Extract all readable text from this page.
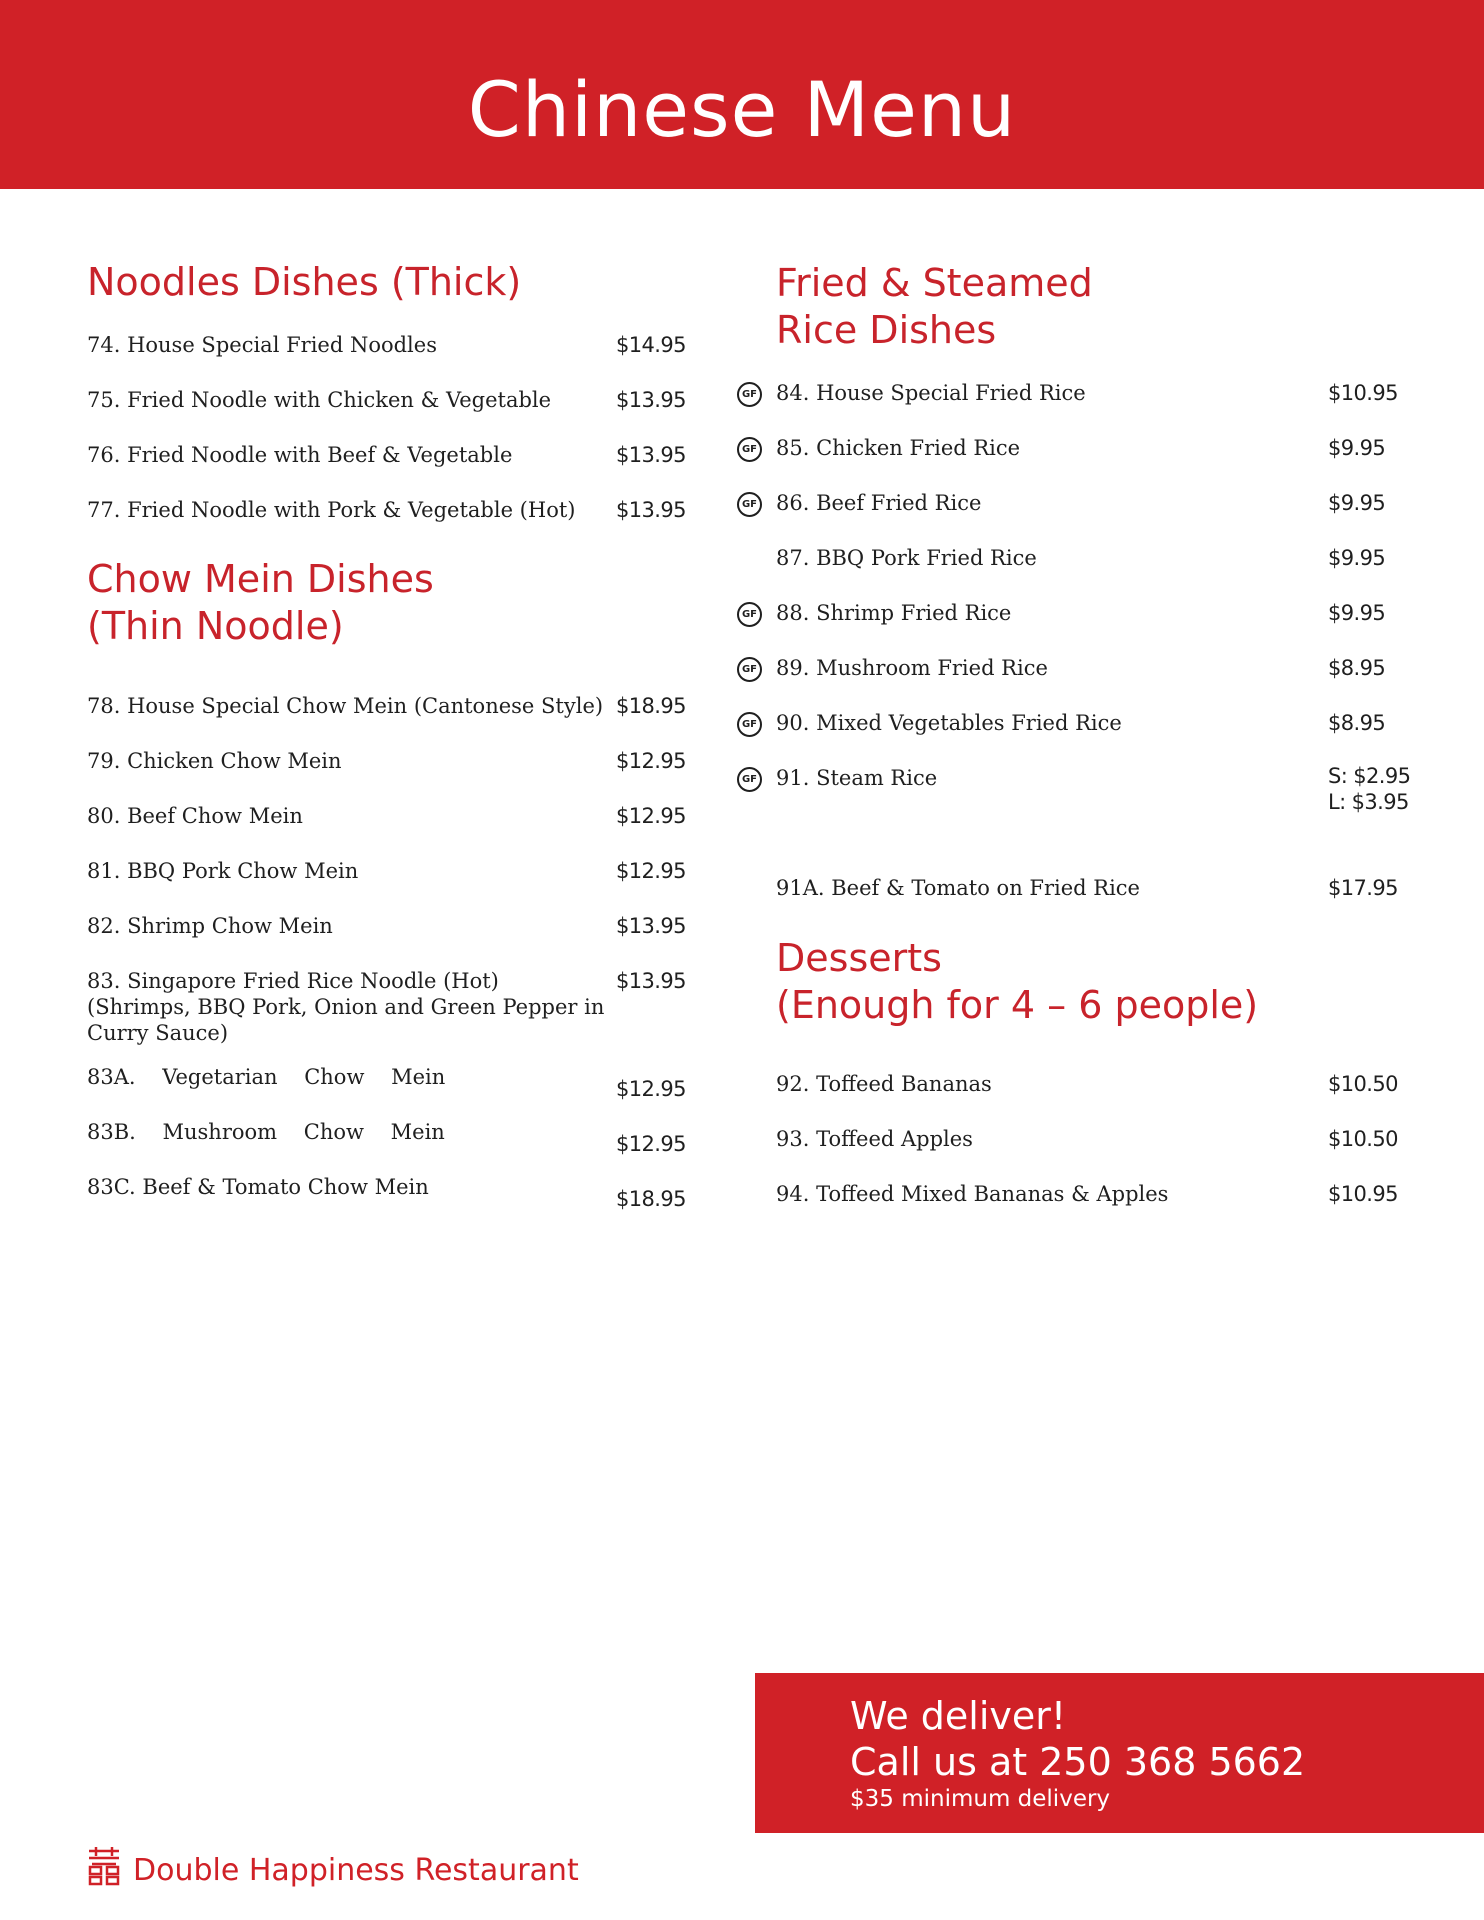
Chinese Menu
Noodles Dishes (Thick)
74. House Special Fried Noodles	$14.95
75. Fried Noodle with Chicken & Vegetable	$13.95
76. Fried Noodle with Beef & Vegetable	$13.95
77. Fried Noodle with Pork & Vegetable (Hot) $13.95
Chow Mein Dishes
(Thin Noodle)
78. House Special Chow Mein (Cantonese Style) $18.95
79. Chicken Chow Mein	$12.95
80. Beef Chow Mein	$12.95
81. BBQ Pork Chow Mein	$12.95
82. Shrimp Chow Mein	$13.95
83. Singapore Fried Rice Noodle (Hot)
(Shrimps, BBQ Pork, Onion and Green Pepper in
Curry Sauce)
$13.95
83A. Vegetarian Chow Mein	$12.95
83B. Mushroom Chow Mein	$12.95
83C. Beef & Tomato Chow Mein	$18.95
Fried & Steamed
Rice Dishes
GF 84. House Special Fried Rice	$10.95
GF 85. Chicken Fried Rice	$9.95
GF 86. Beef Fried Rice	$9.95
87. BBQ Pork Fried Rice	$9.95
GF 88. Shrimp Fried Rice	$9.95
GF 89. Mushroom Fried Rice	$8.95
GF 90. Mixed Vegetables Fried Rice	$8.95
GF 91. Steam Rice	S: $2.95
L: $3.95
91A. Beef & Tomato on Fried Rice	$17.95
Desserts
(Enough for 4 – 6 people)
92. Toffeed Bananas	$10.50
93. Toffeed Apples	$10.50
94. Toffeed Mixed Bananas & Apples	$10.95
We deliver!
Call us at 250 368 5662
$35 minimum delivery
Double Happiness Restaurant
